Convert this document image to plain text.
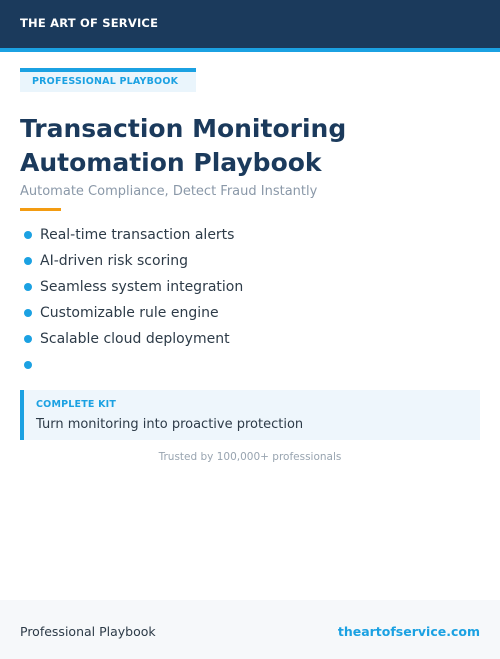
THE ART OF SERVICE
PROFESSIONAL PLAYBOOK
Transaction Monitoring
Automation Playbook
Automate Compliance, Detect Fraud Instantly
Real-time transaction alerts
AI-driven risk scoring
Seamless system integration
Customizable rule engine
Scalable cloud deployment
COMPLETE KIT
Turn monitoring into proactive protection
Trusted by 100,000+ professionals
Professional Playbook	theartofservice.com
